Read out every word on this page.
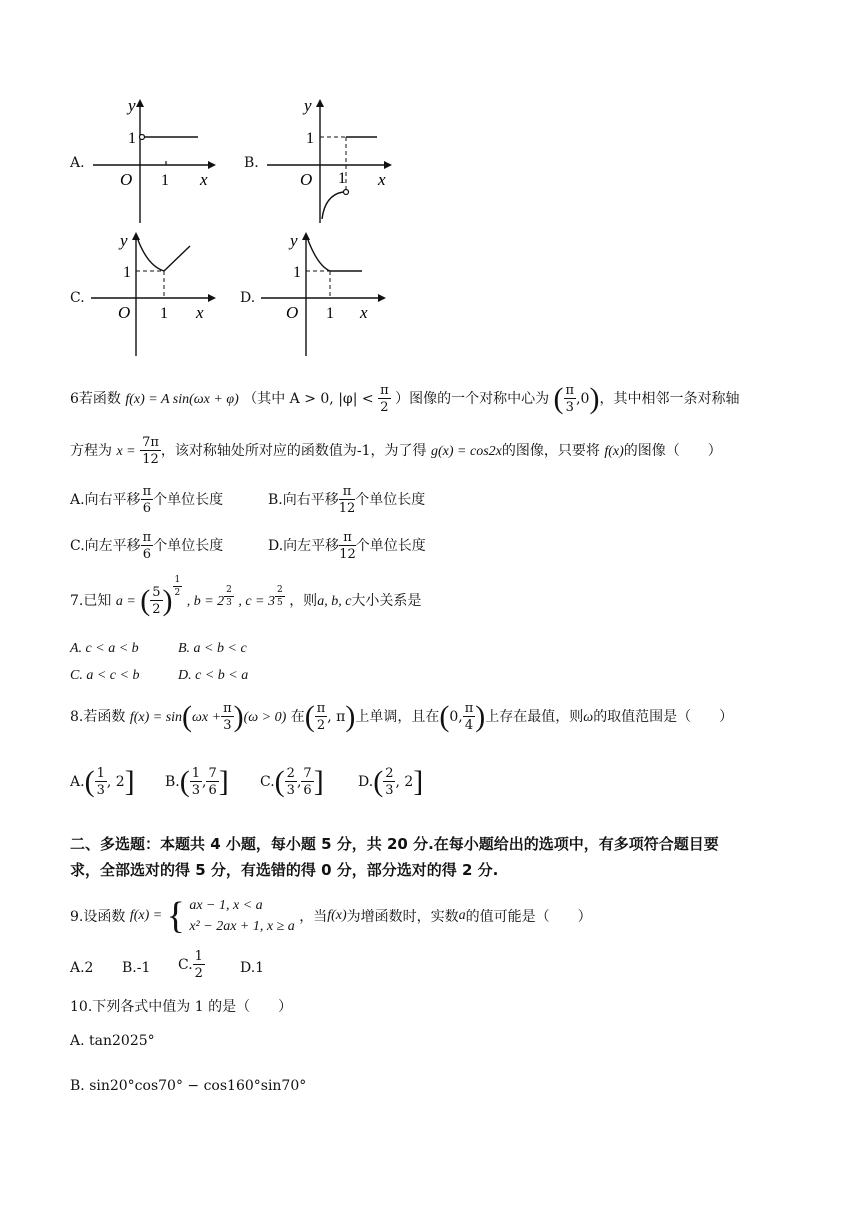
A.
y
1
O 1 x
B.
y
1
O 1 x
C.
y
1
O 1 x
D.
y
1
O 1 x
6若函数 f(x) = A sin(ωx + φ) （其中 A > 0, $|\varphi| < \frac{\pi}{2}$ ）图像的一个对称中心为 ( $\frac{\pi}{3} ,0$)，其中相邻一条对称轴
方程为 $x = \frac{7\pi}{12}$ ，该对称轴处所对应的函数值为-1，为了得 g(x) = cos2x的图像，只要将 f(x)的图像（　　）
A.向右平移 $\frac{\pi}{6}$ 个单位长度	B.向右平移 $\frac{\pi}{12}$ 个单位长度
C.向左平移 $\frac{\pi}{6}$ 个单位长度	D.向左平移 $\frac{\pi}{12}$ 个单位长度
7.已知 a = ( $\frac{5}{2}$ ) $^{\frac{1}{2}}$
, b = 2 $^{\frac{2}{3}}$ , c = 3 $^{\frac{2}{5}}$ ，则a, b, c大小关系是
A. c < a < b	B. a < b < c
C. a < c < b	D. c < b < a
8.若函数 $f(x) = \sin(\omega x + \frac{\pi}{3} )(\omega > 0)$ 在( $\frac{\pi}{2}$ , π)上单调，且在(0, $\frac{\pi}{4}$ )上存在最值，则ω的取值范围是（　　）
$A.( \frac{1}{3}$ , 2] $B.( \frac{1}{3}$ , $\frac{7}{6}$ ] $C.( \frac{2}{3}$ , $\frac{7}{6}$ ] $D.( \frac{2}{3}$ , 2]
二、多选题：本题共 4 小题，每小题 5 分，共 20 分.在每小题给出的选项中，有多项符合题目要
求，全部选对的得 5 分，有选错的得 0 分，部分选对的得 2 分.
9.设函数 f(x) = { ax − 1, x < a
x² − 2ax + 1, x ≥ a
，当f(x)为增函数时，实数a的值可能是（　　）
A.2 B.-1 C. $\frac{1}{2}$	D.1
10.下列各式中值为 1 的是（　　）
A. tan2025°
B. sin20°cos70° − cos160°sin70°
